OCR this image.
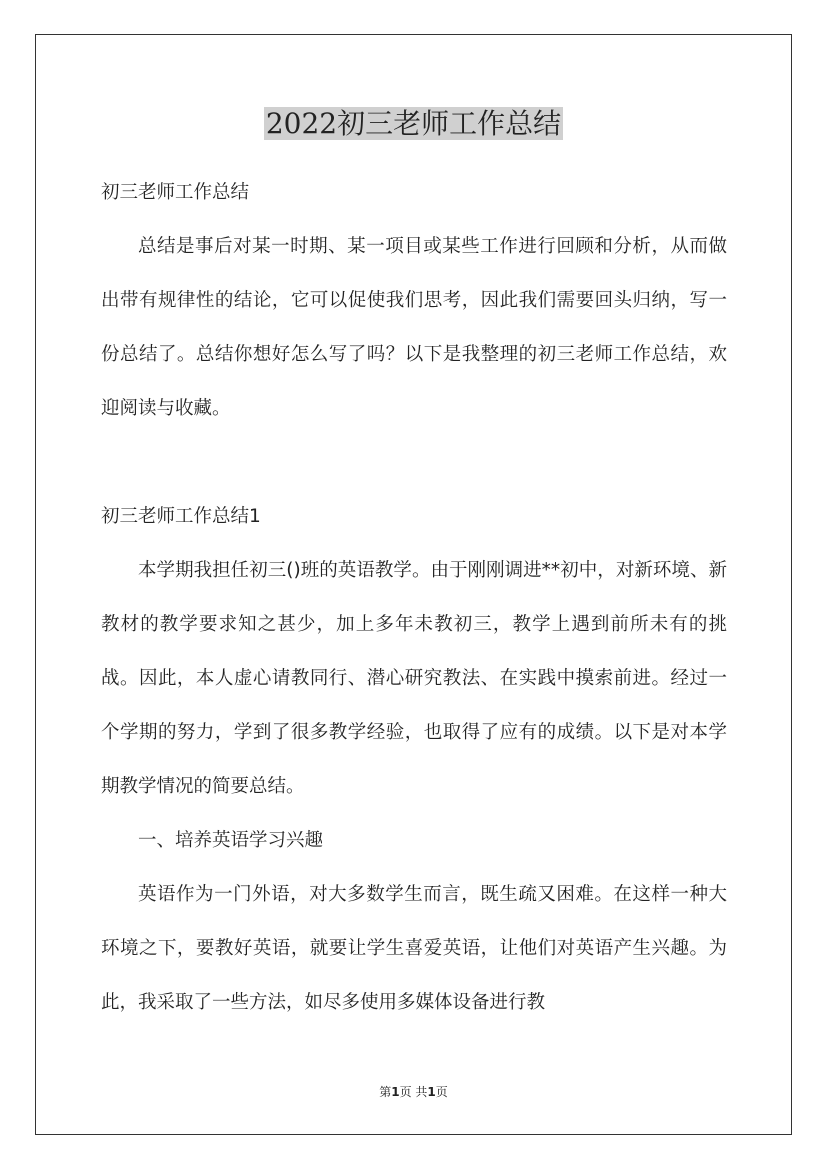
2022初三老师工作总结

初三老师工作总结

总结是事后对某一时期、某一项目或某些工作进行回顾和分析，从而做出带有规律性的结论，它可以促使我们思考，因此我们需要回头归纳，写一份总结了。总结你想好怎么写了吗？以下是我整理的初三老师工作总结，欢迎阅读与收藏。

初三老师工作总结1

本学期我担任初三()班的英语教学。由于刚刚调进**初中，对新环境、新教材的教学要求知之甚少，加上多年未教初三，教学上遇到前所未有的挑战。因此，本人虚心请教同行、潜心研究教法、在实践中摸索前进。经过一个学期的努力，学到了很多教学经验，也取得了应有的成绩。以下是对本学期教学情况的简要总结。

一、培养英语学习兴趣

英语作为一门外语，对大多数学生而言，既生疏又困难。在这样一种大环境之下，要教好英语，就要让学生喜爱英语，让他们对英语产生兴趣。为此，我采取了一些方法，如尽多使用多媒体设备进行教

第1页 共1页
